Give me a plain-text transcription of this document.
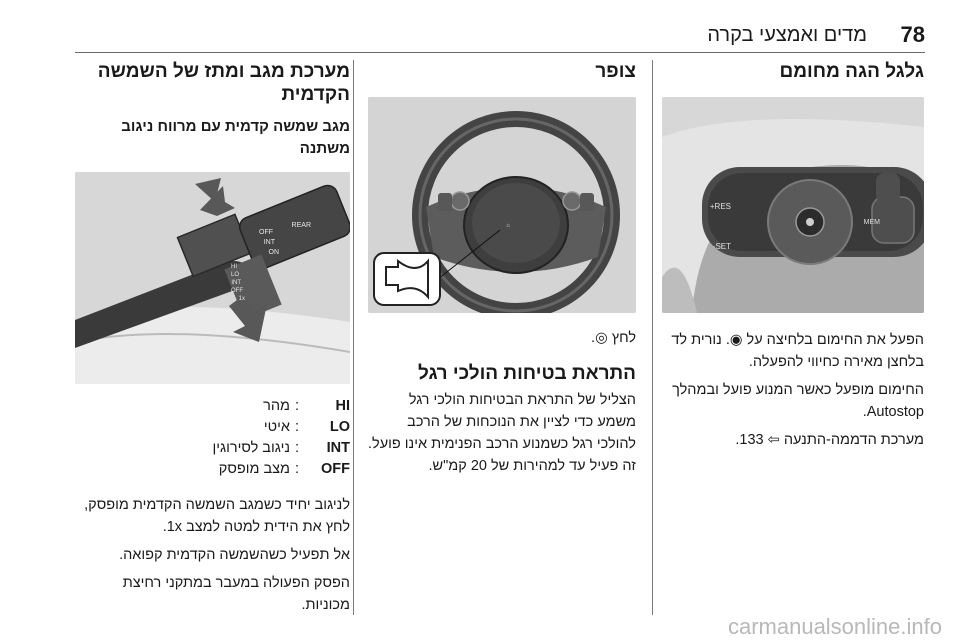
78
מדים ואמצעי בקרה
גלגל הגה מחומם
RES+
SET-
MEM

הפעל את החימום בלחיצה על ◉. נורית לד בלחצן מאירה כחיווי להפעלה.

החימום מופעל כאשר המנוע פועל ובמהלך Autostop.

מערכת הדממה-התנעה ⇦ 133.

צופר
⌂

לחץ ◎.

התראת בטיחות הולכי רגל

הצליל של התראת הבטיחות הולכי רגל משמע כדי לציין את הנוכחות של הרכב להולכי רגל כשמנוע הרכב הפנימית אינו פועל. זה פעיל עד למהירות של 20 קמ"ש.

מערכת מגב ומתז של השמשה הקדמית
מגב שמשה קדמית עם מרווח ניגוב משתנה
OFF
INT
ON
REAR
HI
LO
INT
OFF
1x
HI
:
מהר
LO
:
איטי
INT
:
ניגוב לסירוגין
OFF
:
מצב מופסק

לניגוב יחיד כשמגב השמשה הקדמית מופסק, לחץ את הידית למטה למצב 1x.

אל תפעיל כשהשמשה הקדמית קפואה.

הפסק הפעולה במעבר במתקני רחיצת מכוניות.

carmanualsonline.info
